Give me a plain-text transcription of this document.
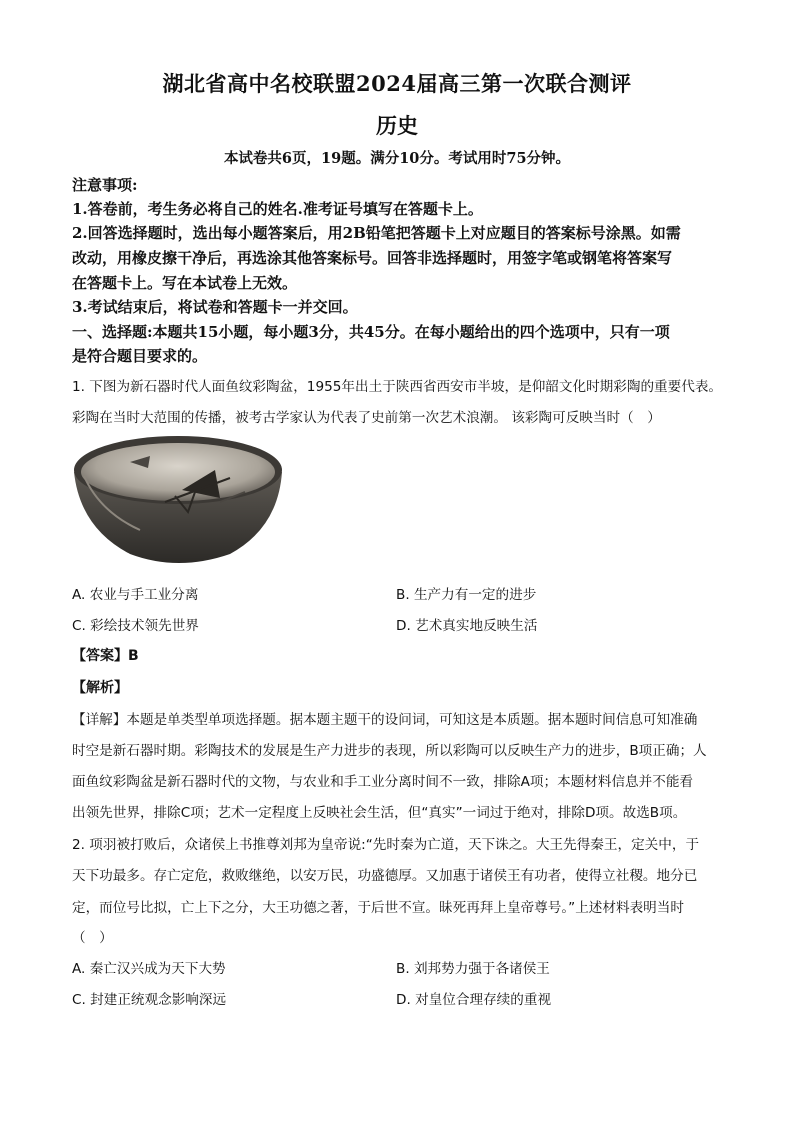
湖北省高中名校联盟2024届高三第一次联合测评
历史
本试卷共6页，19题。满分10分。考试用时75分钟。
注意事项:
1.答卷前，考生务必将自己的姓名.准考证号填写在答题卡上。
2.回答选择题时，选出每小题答案后，用2B铅笔把答题卡上对应题目的答案标号涂黑。如需
改动，用橡皮擦干净后，再选涂其他答案标号。回答非选择题时，用签字笔或钢笔将答案写
在答题卡上。写在本试卷上无效。
3.考试结束后，将试卷和答题卡一并交回。
一、选择题:本题共15小题，每小题3分，共45分。在每小题给出的四个选项中，只有一项
是符合题目要求的。
1. 下图为新石器时代人面鱼纹彩陶盆，1955年出土于陕西省西安市半坡，是仰韶文化时期彩陶的重要代表。
彩陶在当时大范围的传播，被考古学家认为代表了史前第一次艺术浪潮。 该彩陶可反映当时（　）
A. 农业与手工业分离	B. 生产力有一定的进步
C. 彩绘技术领先世界	D. 艺术真实地反映生活
【答案】B
【解析】
【详解】本题是单类型单项选择题。据本题主题干的设问词，可知这是本质题。据本题时间信息可知准确
时空是新石器时期。彩陶技术的发展是生产力进步的表现，所以彩陶可以反映生产力的进步，B项正确；人
面鱼纹彩陶盆是新石器时代的文物，与农业和手工业分离时间不一致，排除A项；本题材料信息并不能看
出领先世界，排除C项；艺术一定程度上反映社会生活，但“真实”一词过于绝对，排除D项。故选B项。
2. 项羽被打败后，众诸侯上书推尊刘邦为皇帝说:“先时秦为亡道，天下诛之。大王先得秦王，定关中，于
天下功最多。存亡定危，救败继绝，以安万民，功盛德厚。又加惠于诸侯王有功者，使得立社稷。地分已
定，而位号比拟，亡上下之分，大王功德之著，于后世不宣。昧死再拜上皇帝尊号。”上述材料表明当时
（　）
A. 秦亡汉兴成为天下大势	B. 刘邦势力强于各诸侯王
C. 封建正统观念影响深远	D. 对皇位合理存续的重视
